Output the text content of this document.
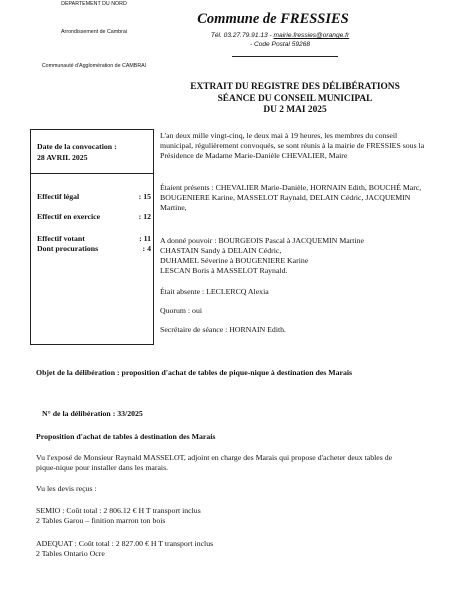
DEPARTEMENT DU NORD
Arrondissement de Cambrai
Communauté d'Agglomération de CAMBRAI
Commune de FRESSIES
Tél. 03.27.79.91.13 - mairie.fressies@orange.fr
- Code Postal 59268
EXTRAIT DU REGISTRE DES DÉLIBÉRATIONS
SÉANCE DU CONSEIL MUNICIPAL
DU 2 MAI 2025
Date de la convocation :
28 AVRIL 2025
Effectif légal	: 15
Effectif en exercice	: 12
Effectif votant	: 11
Dont procurations	: 4
L'an deux mille vingt-cinq, le deux mai à 19 heures, les membres du conseil municipal, régulièrement convoqués, se sont réunis à la mairie de FRESSIES sous la Présidence de Madame Marie-Danièle CHEVALIER, Maire
Étaient présents : CHEVALIER Marie-Danièle, HORNAIN Edith, BOUCHÉ Marc, BOUGENIERE Karine, MASSELOT Raynald, DELAIN Cédric, JACQUEMIN Martine,
A donné pouvoir : BOURGEOIS Pascal à JACQUEMIN Martine
CHASTAIN Sandy à DELAIN Cédric,
DUHAMEL Séverine à BOUGENIERE Karine
LESCAN Boris à MASSELOT Raynald.
Était absente : LECLERCQ Alexia
Quorum : oui
Secrétaire de séance : HORNAIN Edith.
Objet de la délibération : proposition d'achat de tables de pique-nique à destination des Marais
N° de la délibération : 33/2025
Proposition d'achat de tables à destination des Marais
Vu l'exposé de Monsieur Raynald MASSELOT, adjoint en charge des Marais qui propose d'acheter deux tables de pique-nique pour installer dans les marais.
Vu les devis reçus :
SEMIO : Coût total : 2 806.12 € H T transport inclus
2 Tables Garou – finition marron ton bois
ADEQUAT : Coût total : 2 827.00 € H T transport inclus
2 Tables Ontario Ocre
